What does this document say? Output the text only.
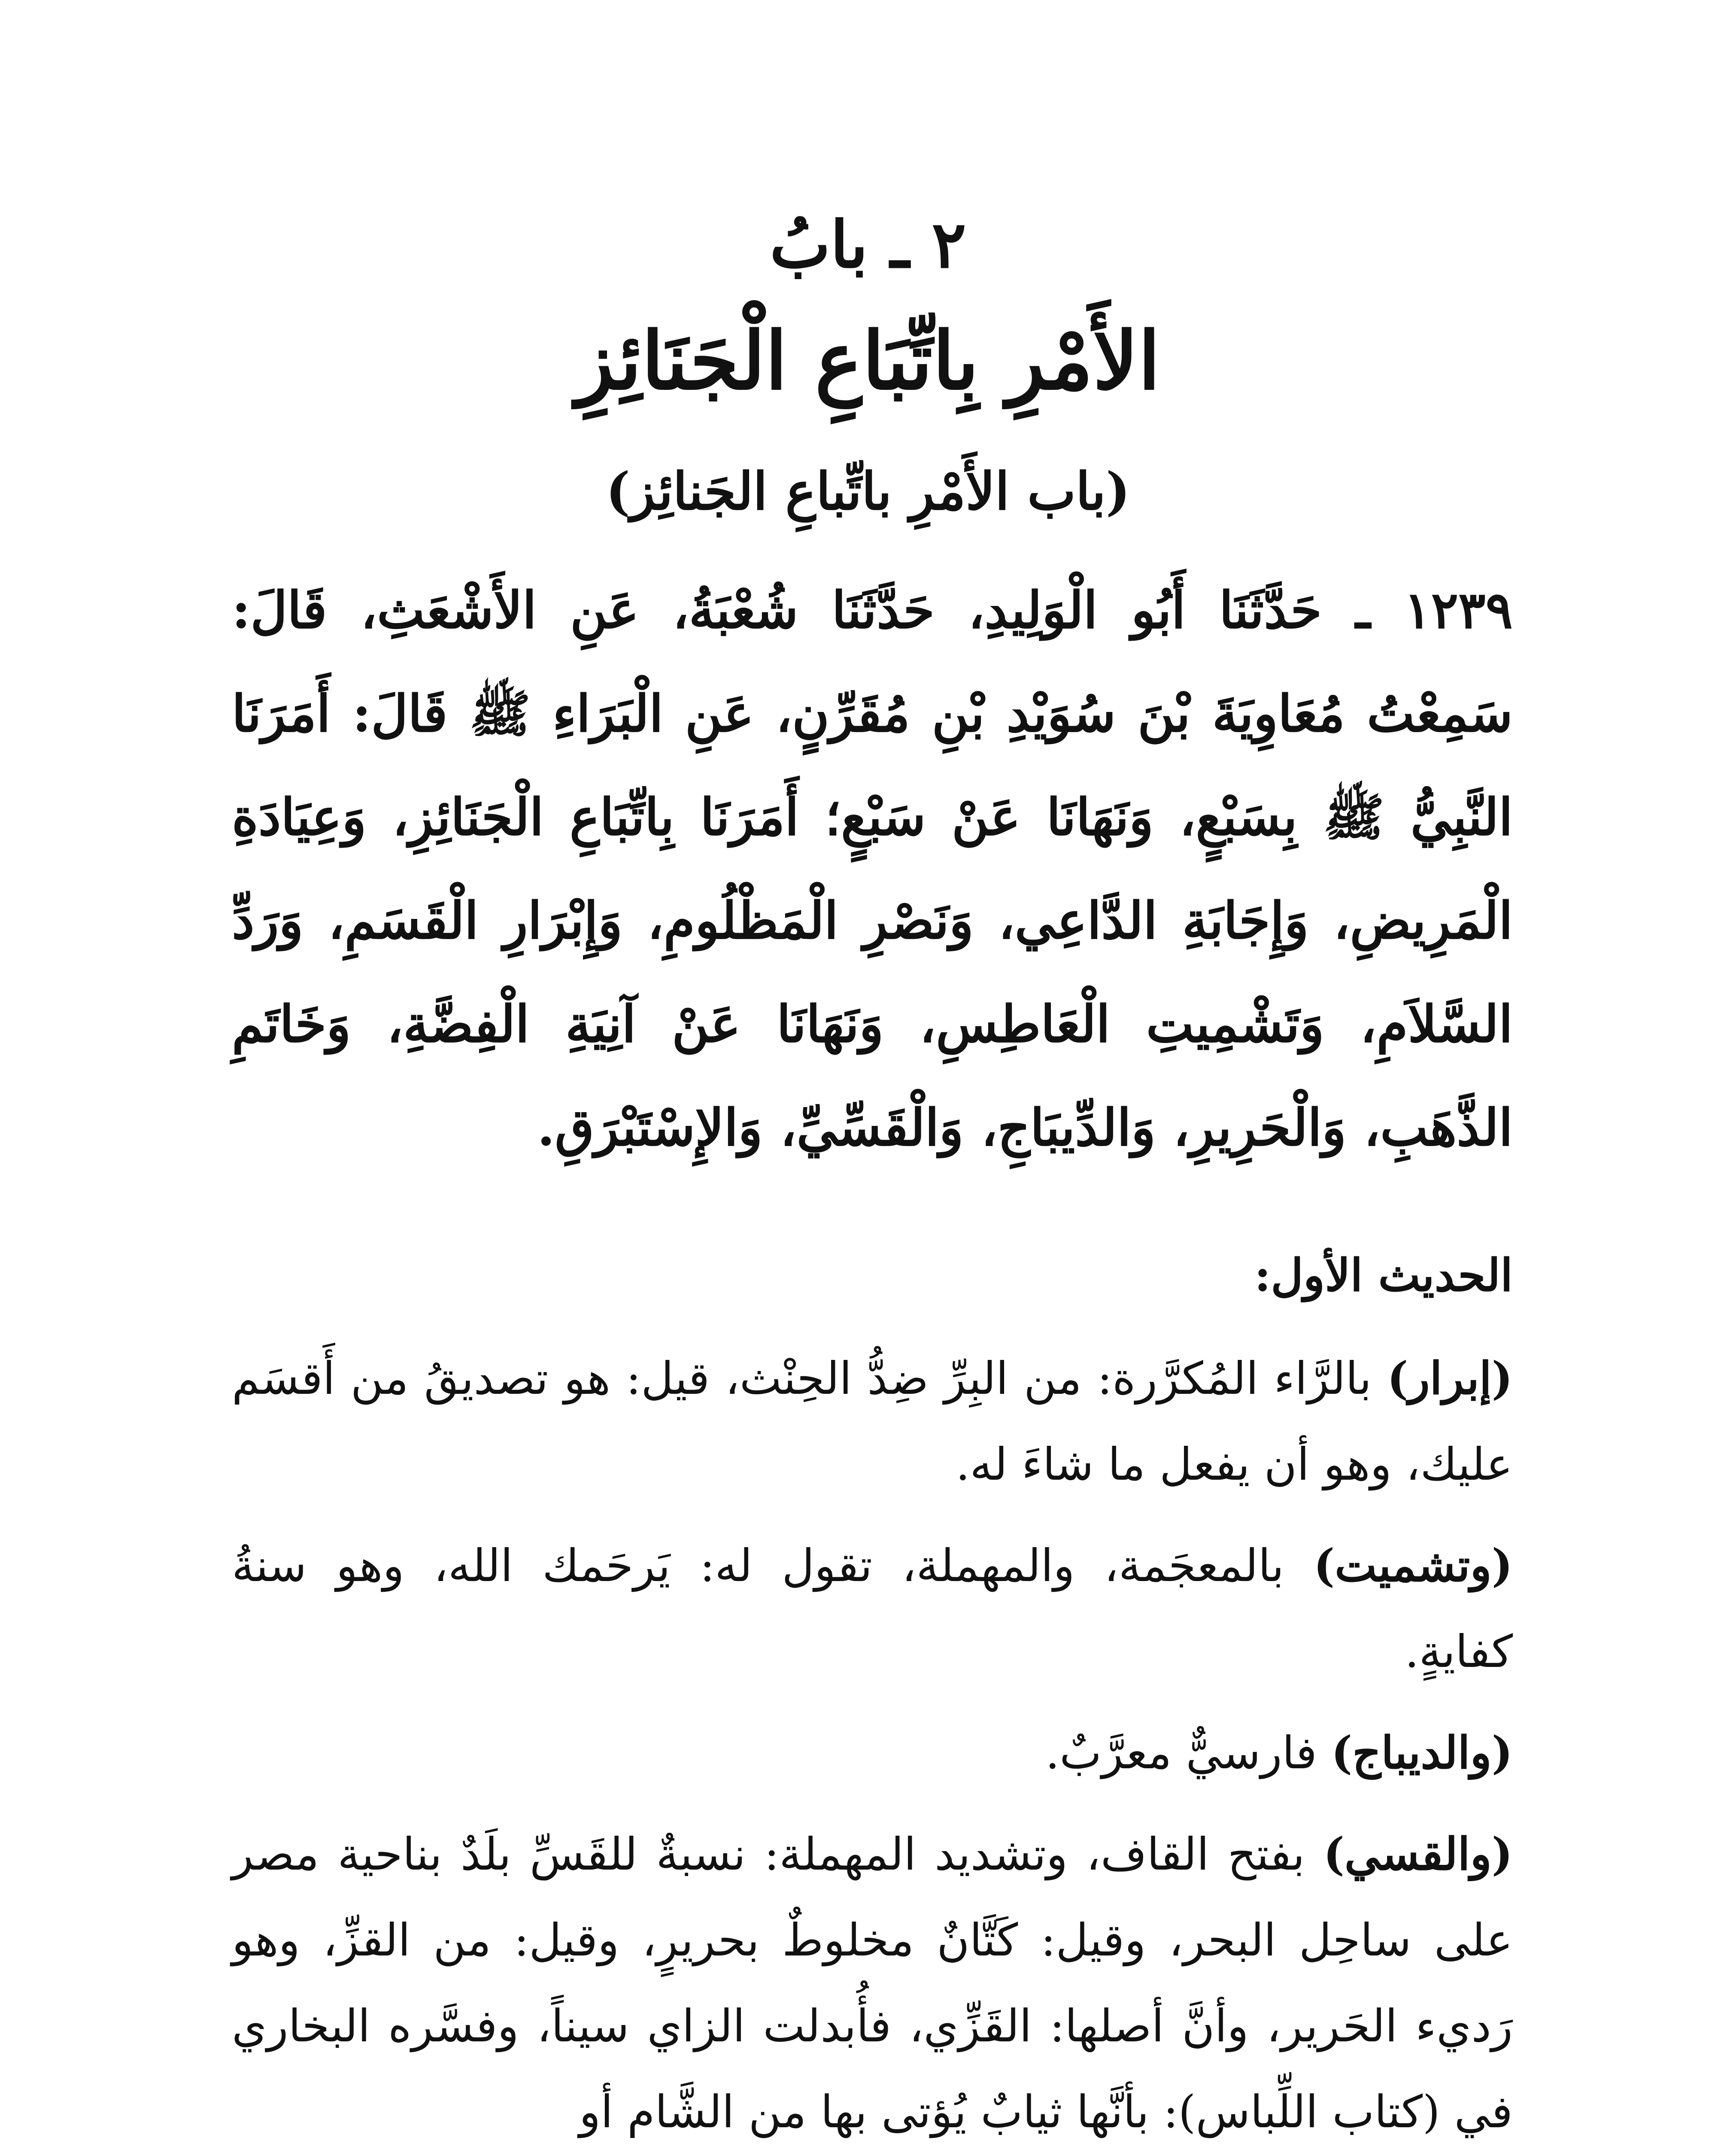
٢ ـ بابُ
الأَمْرِ بِاتِّبَاعِ الْجَنَائِزِ
(باب الأَمْرِ باتِّباعِ الجَنائِز)
١٢٣٩ ـ حَدَّثَنَا أَبُو الْوَلِيدِ، حَدَّثَنَا شُعْبَةُ، عَنِ الأَشْعَثِ، قَالَ: سَمِعْتُ مُعَاوِيَةَ بْنَ سُوَيْدِ بْنِ مُقَرِّنٍ، عَنِ الْبَرَاءِ ﷺ قَالَ: أَمَرَنَا النَّبِيُّ ﷺ بِسَبْعٍ، وَنَهَانَا عَنْ سَبْعٍ؛ أَمَرَنَا بِاتِّبَاعِ الْجَنَائِزِ، وَعِيَادَةِ الْمَرِيضِ، وَإِجَابَةِ الدَّاعِي، وَنَصْرِ الْمَظْلُومِ، وَإِبْرَارِ الْقَسَمِ، وَرَدِّ السَّلاَمِ، وَتَشْمِيتِ الْعَاطِسِ، وَنَهَانَا عَنْ آنِيَةِ الْفِضَّةِ، وَخَاتَمِ الذَّهَبِ، وَالْحَرِيرِ، وَالدِّيبَاجِ، وَالْقَسِّيِّ، وَالإِسْتَبْرَقِ.

الحديث الأول:

(إبرار) بالرَّاء المُكرَّرة: من البِرِّ ضِدُّ الحِنْث، قيل: هو تصديقُ من أَقسَم عليك، وهو أن يفعل ما شاءَ له.

(وتشميت) بالمعجَمة، والمهملة، تقول له: يَرحَمك الله، وهو سنةُ كفايةٍ.

(والديباج) فارسيٌّ معرَّبٌ.

(والقسي) بفتح القاف، وتشديد المهملة: نسبةٌ للقَسِّ بلَدٌ بناحية مصر على ساحِل البحر، وقيل: كَتَّانٌ مخلوطٌ بحريرٍ، وقيل: من القزِّ، وهو رَديء الحَرير، وأنَّ أصلها: القَزِّي، فأُبدلت الزاي سيناً، وفسَّره البخاري في (كتاب اللِّباس): بأنَّها ثيابٌ يُؤتى بها من الشَّام أو
